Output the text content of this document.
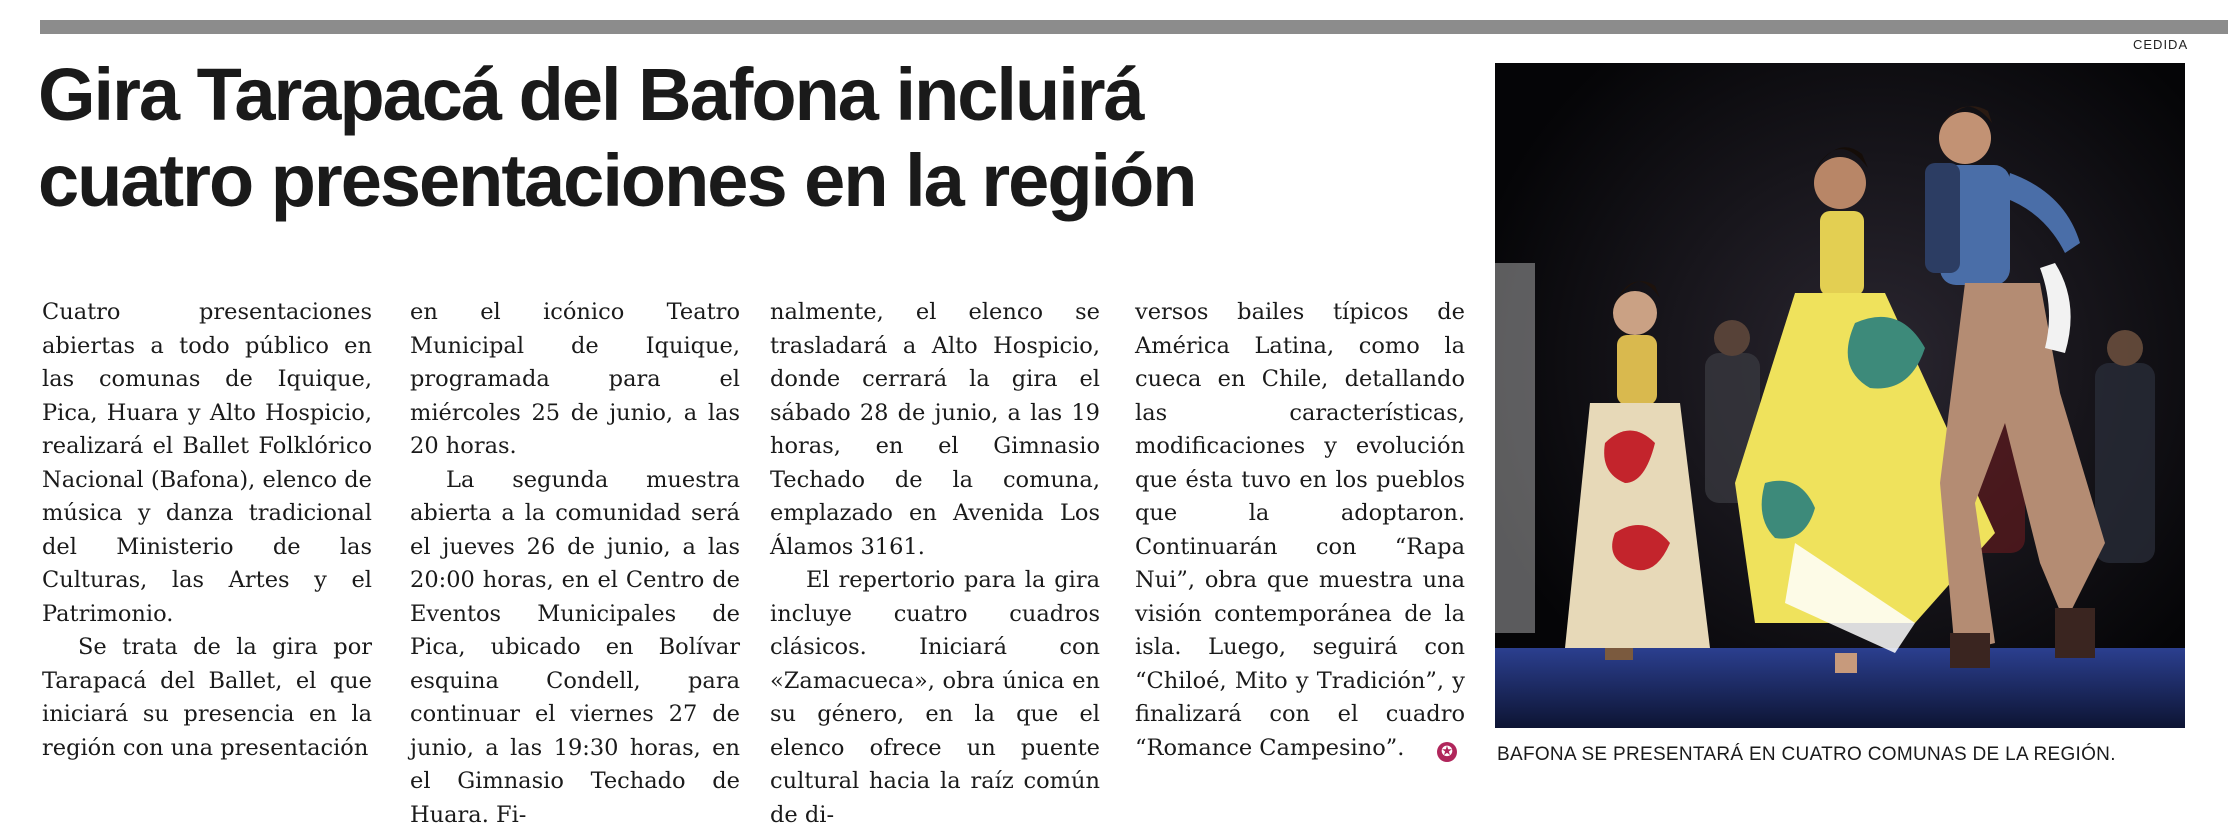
CEDIDA
Gira Tarapacá del Bafona incluirá
cuatro presentaciones en la región

Cuatro presentaciones abiertas a todo público en las comunas de Iquique, Pica, Huara y Alto Hospicio, realizará el Ballet Folklórico Nacional (Bafona), elenco de música y danza tradicional del Ministerio de las Culturas, las Artes y el Patrimonio.

Se trata de la gira por Tarapacá del Ballet, el que iniciará su presencia en la región con una presentación

en el icónico Teatro Municipal de Iquique, programada para el miércoles 25 de junio, a las 20 horas.

La segunda muestra abierta a la comunidad será el jueves 26 de junio, a las 20:00 horas, en el Centro de Eventos Municipales de Pica, ubicado en Bolívar esquina Condell, para continuar el viernes 27 de junio, a las 19:30 horas, en el Gimnasio Techado de Huara. Fi-

nalmente, el elenco se trasladará a Alto Hospicio, donde cerrará la gira el sábado 28 de junio, a las 19 horas, en el Gimnasio Techado de la comuna, emplazado en Avenida Los Álamos 3161.

El repertorio para la gira incluye cuatro cuadros clásicos. Iniciará con «Zamacueca», obra única en su género, en la que el elenco ofrece un puente cultural hacia la raíz común de di-

versos bailes típicos de América Latina, como la cueca en Chile, detallando las características, modificaciones y evolución que ésta tuvo en los pueblos que la adoptaron. Continuarán con “Rapa Nui”, obra que muestra una visión contemporánea de la isla. Luego, seguirá con “Chiloé, Mito y Tradición”, y finalizará con el cuadro “Romance Campesino”.	✪ BAFONA SE PRESENTARÁ EN CUATRO COMUNAS DE LA REGIÓN.
